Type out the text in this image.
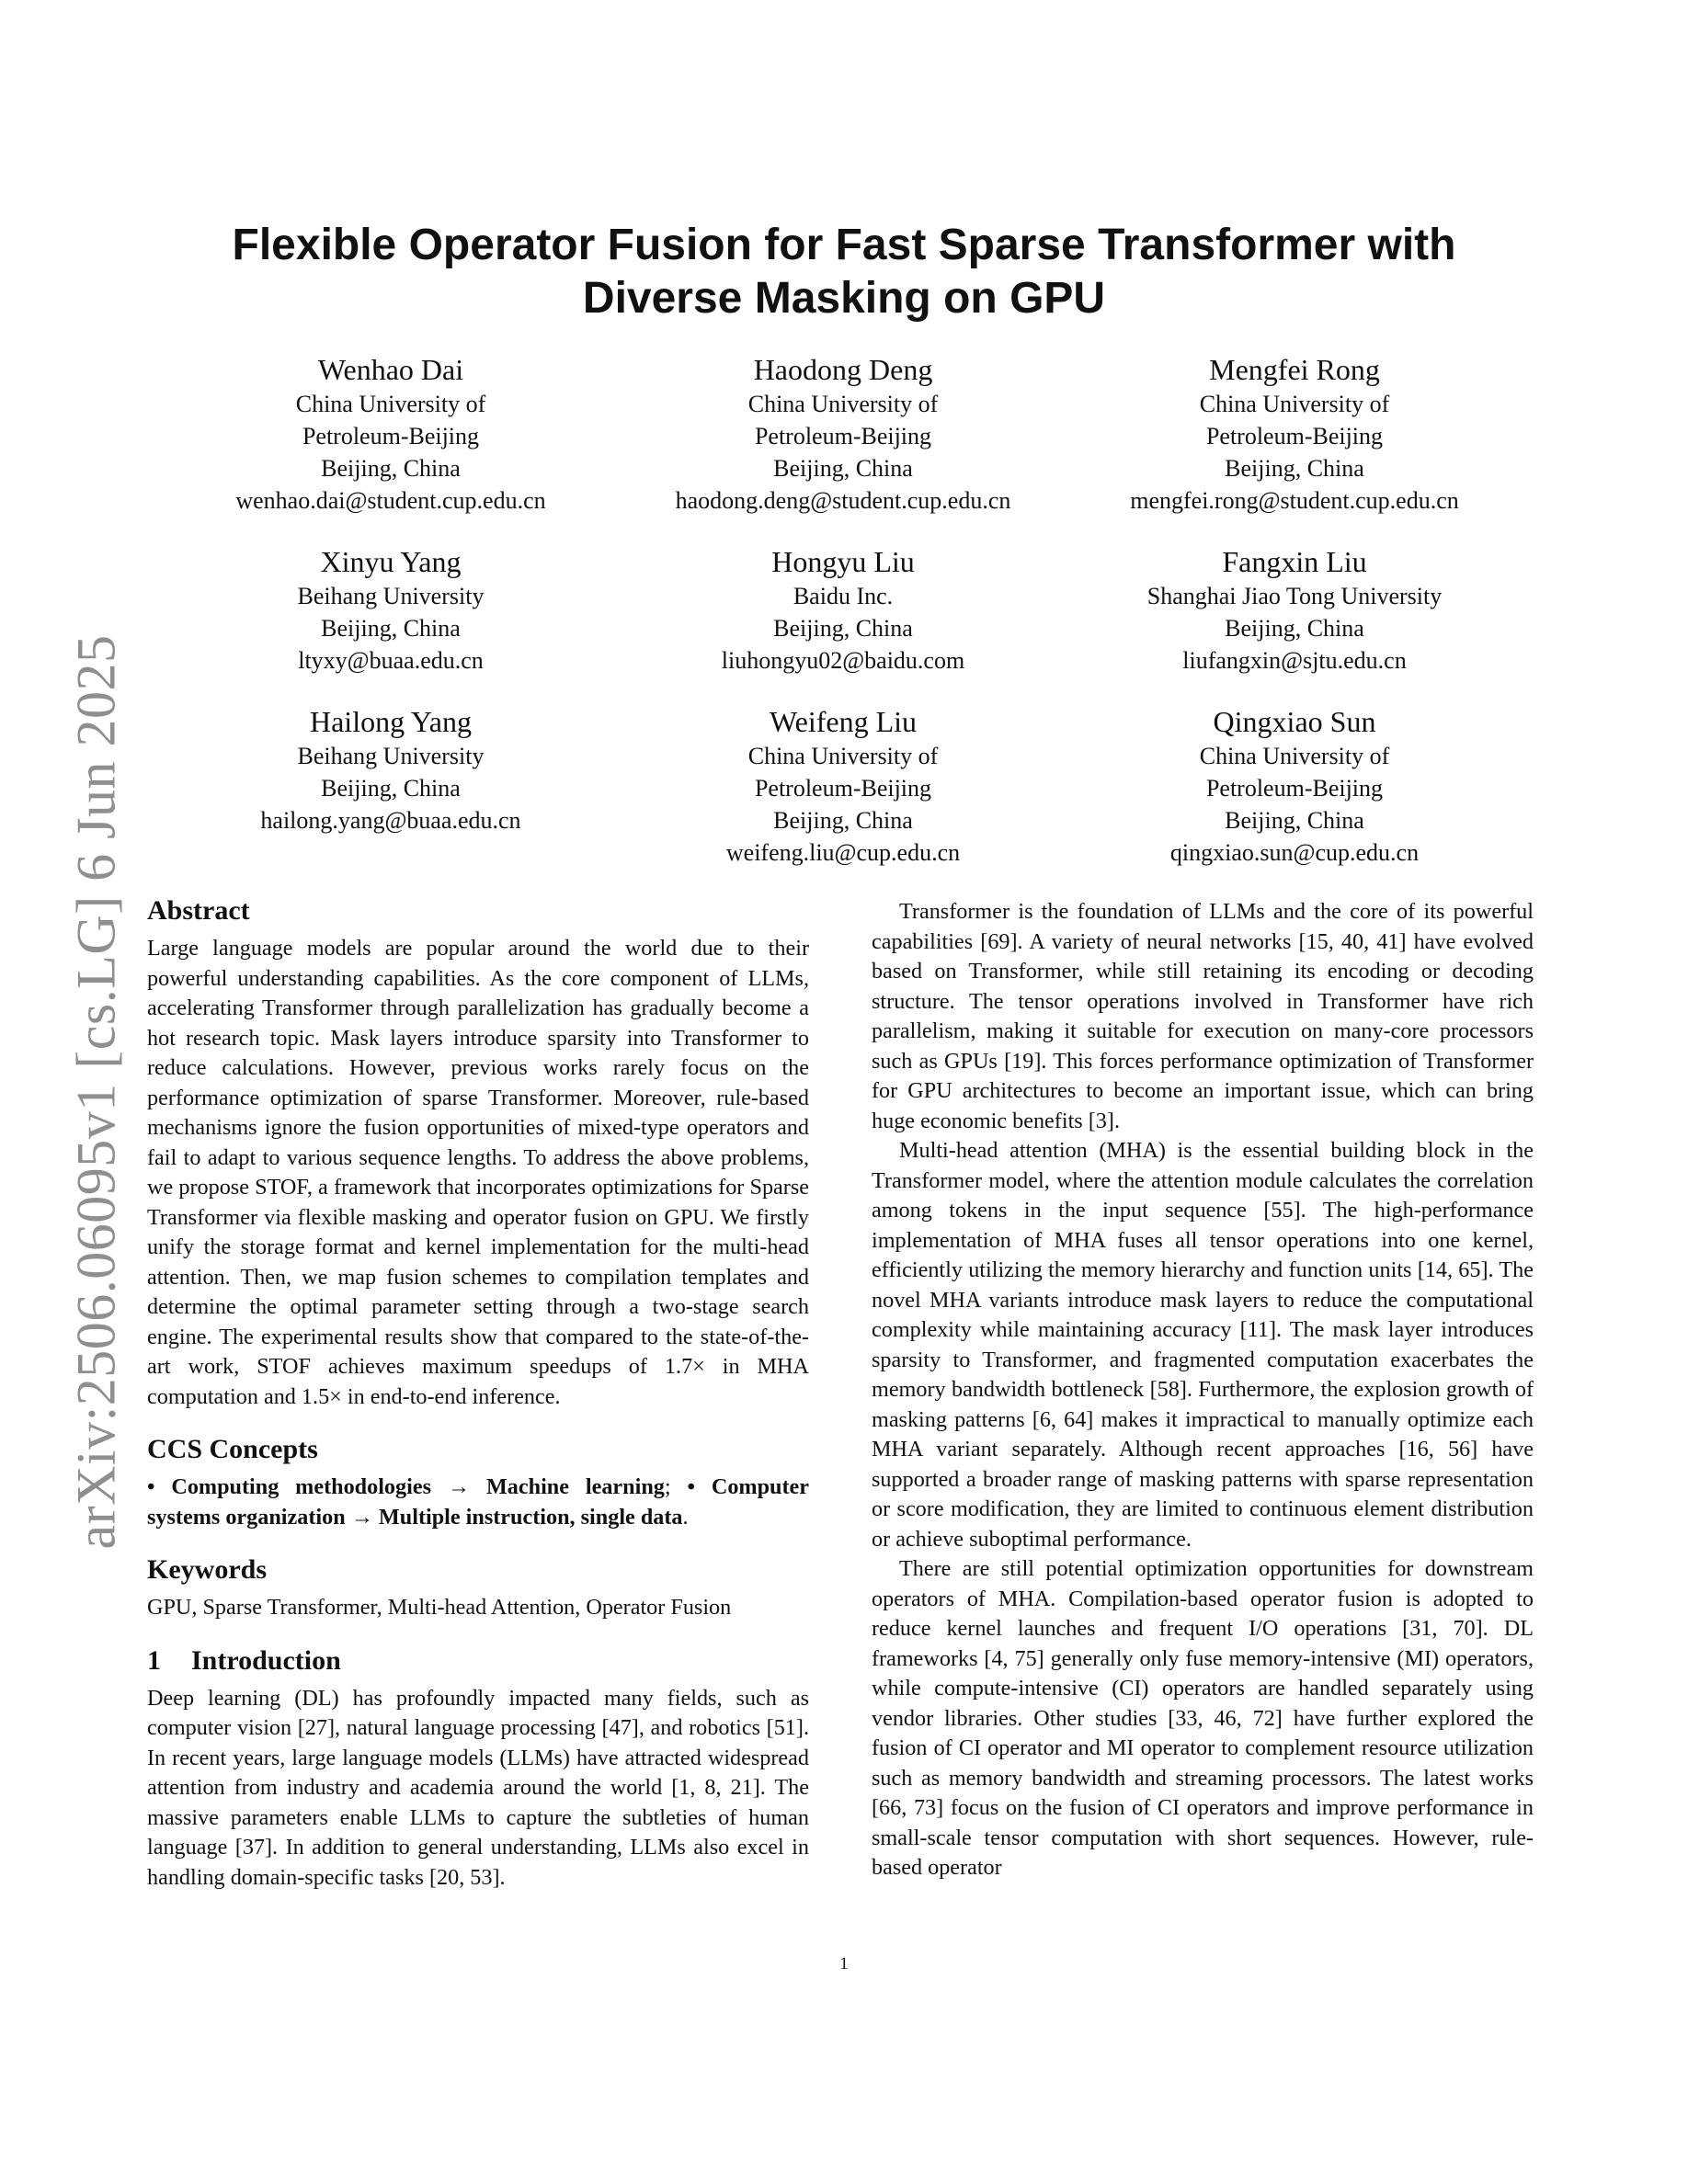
arXiv:2506.06095v1 [cs.LG] 6 Jun 2025
Flexible Operator Fusion for Fast Sparse Transformer with Diverse Masking on GPU
Wenhao Dai
China University of
Petroleum-Beijing
Beijing, China
wenhao.dai@student.cup.edu.cn
Haodong Deng
China University of
Petroleum-Beijing
Beijing, China
haodong.deng@student.cup.edu.cn
Mengfei Rong
China University of
Petroleum-Beijing
Beijing, China
mengfei.rong@student.cup.edu.cn
Xinyu Yang
Beihang University
Beijing, China
ltyxy@buaa.edu.cn
Hongyu Liu
Baidu Inc.
Beijing, China
liuhongyu02@baidu.com
Fangxin Liu
Shanghai Jiao Tong University
Beijing, China
liufangxin@sjtu.edu.cn
Hailong Yang
Beihang University
Beijing, China
hailong.yang@buaa.edu.cn
Weifeng Liu
China University of
Petroleum-Beijing
Beijing, China
weifeng.liu@cup.edu.cn
Qingxiao Sun
China University of
Petroleum-Beijing
Beijing, China
qingxiao.sun@cup.edu.cn
Abstract

Large language models are popular around the world due to their powerful understanding capabilities. As the core component of LLMs, accelerating Transformer through parallelization has gradually become a hot research topic. Mask layers introduce sparsity into Transformer to reduce calculations. However, previous works rarely focus on the performance optimization of sparse Transformer. Moreover, rule-based mechanisms ignore the fusion opportunities of mixed-type operators and fail to adapt to various sequence lengths. To address the above problems, we propose STOF, a framework that incorporates optimizations for Sparse Transformer via flexible masking and operator fusion on GPU. We firstly unify the storage format and kernel implementation for the multi-head attention. Then, we map fusion schemes to compilation templates and determine the optimal parameter setting through a two-stage search engine. The experimental results show that compared to the state-of-the-art work, STOF achieves maximum speedups of 1.7× in MHA computation and 1.5× in end-to-end inference.

CCS Concepts

• Computing methodologies → Machine learning; • Computer systems organization → Multiple instruction, single data.

Keywords

GPU, Sparse Transformer, Multi-head Attention, Operator Fusion

1 Introduction

Deep learning (DL) has profoundly impacted many fields, such as computer vision [27], natural language processing [47], and robotics [51]. In recent years, large language models (LLMs) have attracted widespread attention from industry and academia around the world [1, 8, 21]. The massive parameters enable LLMs to capture the subtleties of human language [37]. In addition to general understanding, LLMs also excel in handling domain-specific tasks [20, 53].

Transformer is the foundation of LLMs and the core of its powerful capabilities [69]. A variety of neural networks [15, 40, 41] have evolved based on Transformer, while still retaining its encoding or decoding structure. The tensor operations involved in Transformer have rich parallelism, making it suitable for execution on many-core processors such as GPUs [19]. This forces performance optimization of Transformer for GPU architectures to become an important issue, which can bring huge economic benefits [3].

Multi-head attention (MHA) is the essential building block in the Transformer model, where the attention module calculates the correlation among tokens in the input sequence [55]. The high-performance implementation of MHA fuses all tensor operations into one kernel, efficiently utilizing the memory hierarchy and function units [14, 65]. The novel MHA variants introduce mask layers to reduce the computational complexity while maintaining accuracy [11]. The mask layer introduces sparsity to Transformer, and fragmented computation exacerbates the memory bandwidth bottleneck [58]. Furthermore, the explosion growth of masking patterns [6, 64] makes it impractical to manually optimize each MHA variant separately. Although recent approaches [16, 56] have supported a broader range of masking patterns with sparse representation or score modification, they are limited to continuous element distribution or achieve suboptimal performance.

There are still potential optimization opportunities for downstream operators of MHA. Compilation-based operator fusion is adopted to reduce kernel launches and frequent I/O operations [31, 70]. DL frameworks [4, 75] generally only fuse memory-intensive (MI) operators, while compute-intensive (CI) operators are handled separately using vendor libraries. Other studies [33, 46, 72] have further explored the fusion of CI operator and MI operator to complement resource utilization such as memory bandwidth and streaming processors. The latest works [66, 73] focus on the fusion of CI operators and improve performance in small-scale tensor computation with short sequences. However, rule-based operator

1
